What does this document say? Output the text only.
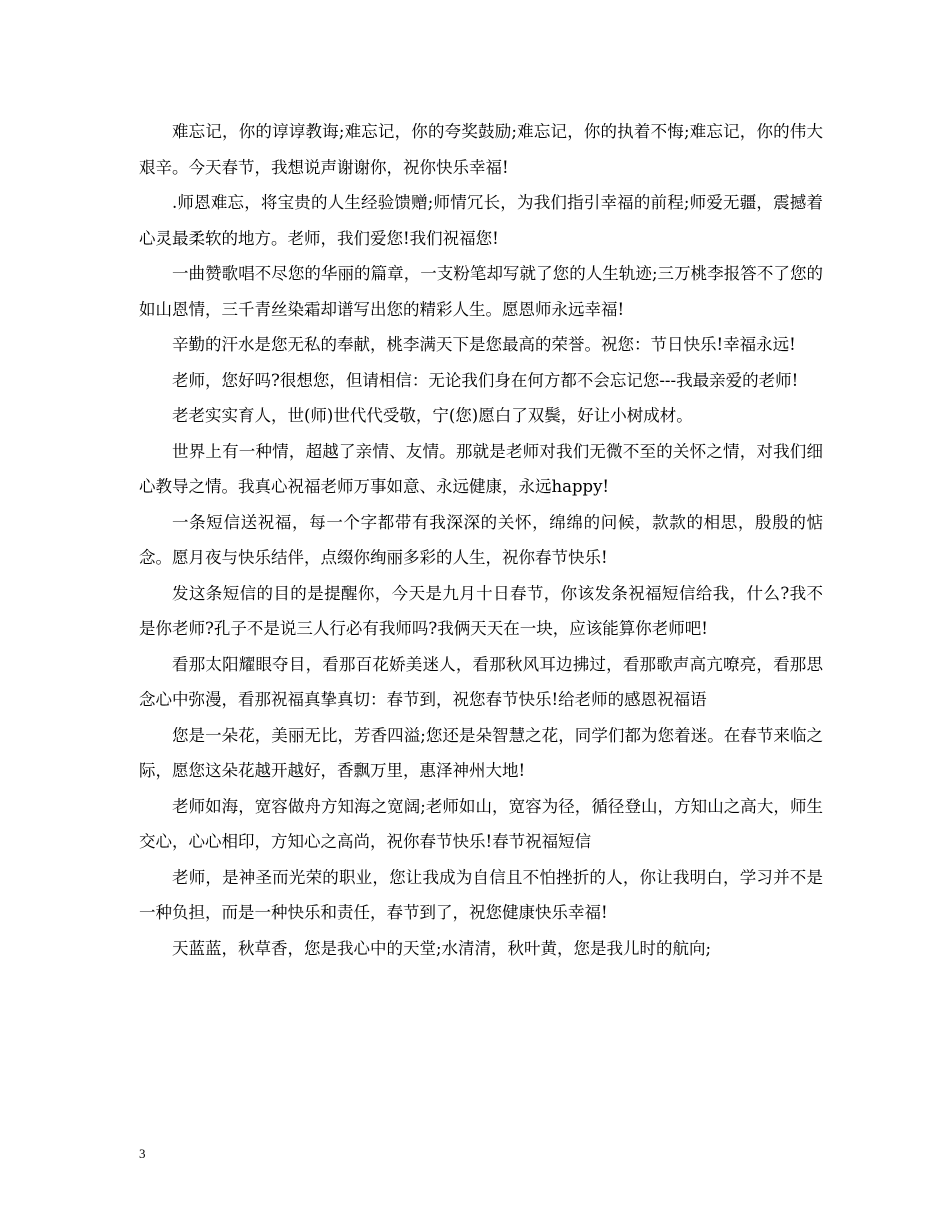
难忘记，你的谆谆教诲;难忘记，你的夸奖鼓励;难忘记，你的执着不悔;难忘记，你的伟大艰辛。今天春节，我想说声谢谢你，祝你快乐幸福!

.师恩难忘，将宝贵的人生经验馈赠;师情冗长，为我们指引幸福的前程;师爱无疆，震撼着心灵最柔软的地方。老师，我们爱您!我们祝福您!

一曲赞歌唱不尽您的华丽的篇章，一支粉笔却写就了您的人生轨迹;三万桃李报答不了您的如山恩情，三千青丝染霜却谱写出您的精彩人生。愿恩师永远幸福!

辛勤的汗水是您无私的奉献，桃李满天下是您最高的荣誉。祝您：节日快乐!幸福永远!

老师，您好吗?很想您，但请相信：无论我们身在何方都不会忘记您---我最亲爱的老师!

老老实实育人，世(师)世代代受敬，宁(您)愿白了双鬓，好让小树成材。

世界上有一种情，超越了亲情、友情。那就是老师对我们无微不至的关怀之情，对我们细心教导之情。我真心祝福老师万事如意、永远健康，永远happy!

一条短信送祝福，每一个字都带有我深深的关怀，绵绵的问候，款款的相思，殷殷的惦念。愿月夜与快乐结伴，点缀你绚丽多彩的人生，祝你春节快乐!

发这条短信的目的是提醒你，今天是九月十日春节，你该发条祝福短信给我，什么?我不是你老师?孔子不是说三人行必有我师吗?我俩天天在一块，应该能算你老师吧!

看那太阳耀眼夺目，看那百花娇美迷人，看那秋风耳边拂过，看那歌声高亢嘹亮，看那思念心中弥漫，看那祝福真挚真切：春节到，祝您春节快乐!给老师的感恩祝福语

您是一朵花，美丽无比，芳香四溢;您还是朵智慧之花，同学们都为您着迷。在春节来临之际，愿您这朵花越开越好，香飘万里，惠泽神州大地!

老师如海，宽容做舟方知海之宽阔;老师如山，宽容为径，循径登山，方知山之高大，师生交心，心心相印，方知心之高尚，祝你春节快乐!春节祝福短信

老师，是神圣而光荣的职业，您让我成为自信且不怕挫折的人，你让我明白，学习并不是一种负担，而是一种快乐和责任，春节到了，祝您健康快乐幸福!

天蓝蓝，秋草香，您是我心中的天堂;水清清，秋叶黄，您是我儿时的航向;

3
